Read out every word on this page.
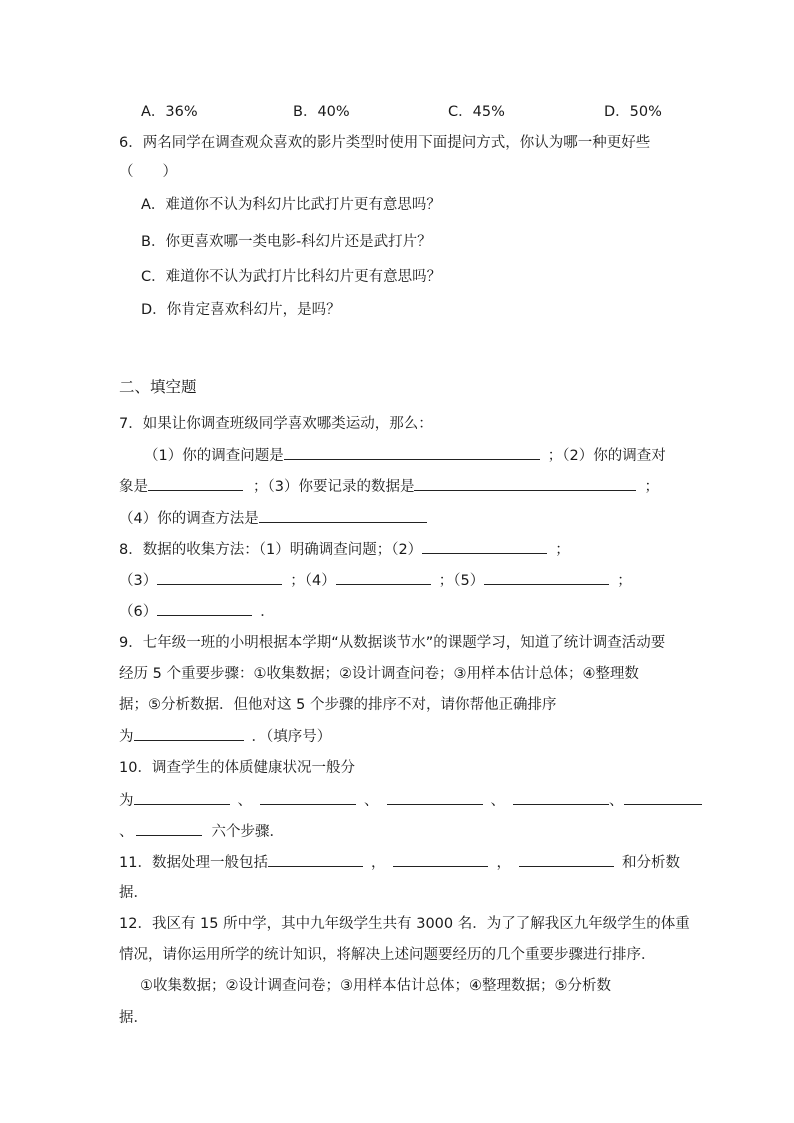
A．36%	B．40%	C．45%	D．50%
6．两名同学在调查观众喜欢的影片类型时使用下面提问方式，你认为哪一种更好些
（　　）
A．难道你不认为科幻片比武打片更有意思吗？
B．你更喜欢哪一类电影-科幻片还是武打片？
C．难道你不认为武打片比科幻片更有意思吗？
D．你肯定喜欢科幻片，是吗？
二、填空题
7．如果让你调查班级同学喜欢哪类运动，那么：
（1）你的调查问题是	；（2）你的调查对
象是	；（3）你要记录的数据是	；
（4）你的调查方法是
8．数据的收集方法：（1）明确调查问题；（2）	；
（3）	；（4）	；（5）	；
（6）	．
9．七年级一班的小明根据本学期“从数据谈节水”的课题学习，知道了统计调查活动要
经历 5 个重要步骤：①收集数据；②设计调查问卷；③用样本估计总体；④整理数
据；⑤分析数据．但他对这 5 个步骤的排序不对，请你帮他正确排序
为	．（填序号）
10．调查学生的体质健康状况一般分
为	、	、	、	、
、	六个步骤．
11．数据处理一般包括	，	，	和分析数
据．
12．我区有 15 所中学，其中九年级学生共有 3000 名．为了了解我区九年级学生的体重
情况，请你运用所学的统计知识，将解决上述问题要经历的几个重要步骤进行排序．
①收集数据；②设计调查问卷；③用样本估计总体；④整理数据；⑤分析数
据．
